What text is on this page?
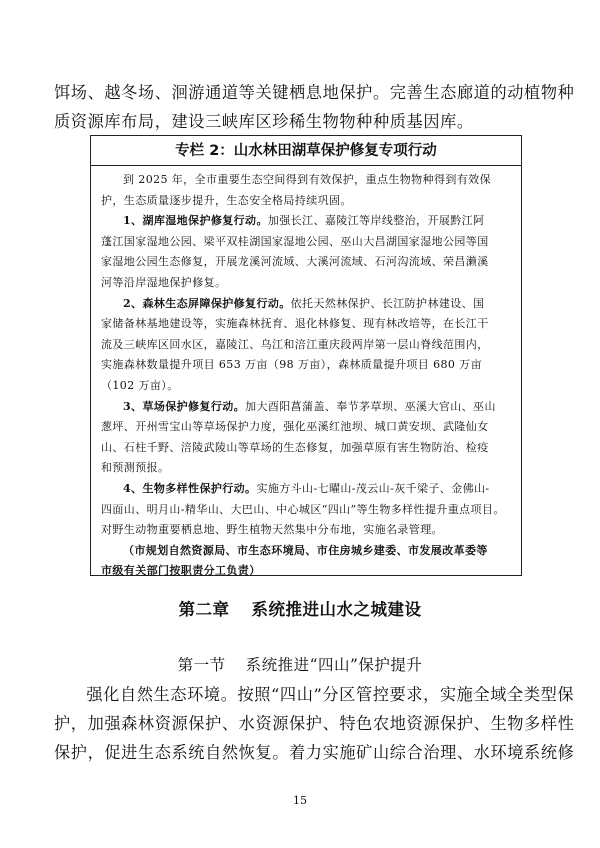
饵场、越冬场、洄游通道等关键栖息地保护。完善生态廊道的动植物种
质资源库布局，建设三峡库区珍稀生物物种种质基因库。
专栏 2：山水林田湖草保护修复专项行动

到 2025 年，全市重要生态空间得到有效保护，重点生物物种得到有效保
护，生态质量逐步提升，生态安全格局持续巩固。

1、湖库湿地保护修复行动。加强长江、嘉陵江等岸线整治，开展黔江阿
蓬江国家湿地公园、梁平双桂湖国家湿地公园、巫山大昌湖国家湿地公园等国
家湿地公园生态修复，开展龙溪河流域、大溪河流域、石河沟流域、荣昌濑溪
河等沿岸湿地保护修复。

2、森林生态屏障保护修复行动。依托天然林保护、长江防护林建设、国
家储备林基地建设等，实施森林抚育、退化林修复、现有林改培等，在长江干
流及三峡库区回水区，嘉陵江、乌江和涪江重庆段两岸第一层山脊线范围内，
实施森林数量提升项目 653 万亩（98 万亩），森林质量提升项目 680 万亩
（102 万亩）。

3、草场保护修复行动。加大酉阳菖蒲盖、奉节茅草坝、巫溪大官山、巫山
葱坪、开州雪宝山等草场保护力度，强化巫溪红池坝、城口黄安坝、武隆仙女
山、石柱千野、涪陵武陵山等草场的生态修复，加强草原有害生物防治、检疫
和预测预报。

4、生物多样性保护行动。实施方斗山-七曜山-茂云山-灰千梁子、金佛山-
四面山、明月山-精华山、大巴山、中心城区“四山”等生物多样性提升重点项目。
对野生动物重要栖息地、野生植物天然集中分布地，实施名录管理。

（市规划自然资源局、市生态环境局、市住房城乡建委、市发展改革委等
市级有关部门按职责分工负责）

第二章 系统推进山水之城建设
第一节 系统推进“四山”保护提升
强化自然生态环境。按照“四山”分区管控要求，实施全域全类型保
护，加强森林资源保护、水资源保护、特色农地资源保护、生物多样性
保护，促进生态系统自然恢复。着力实施矿山综合治理、水环境系统修
15
